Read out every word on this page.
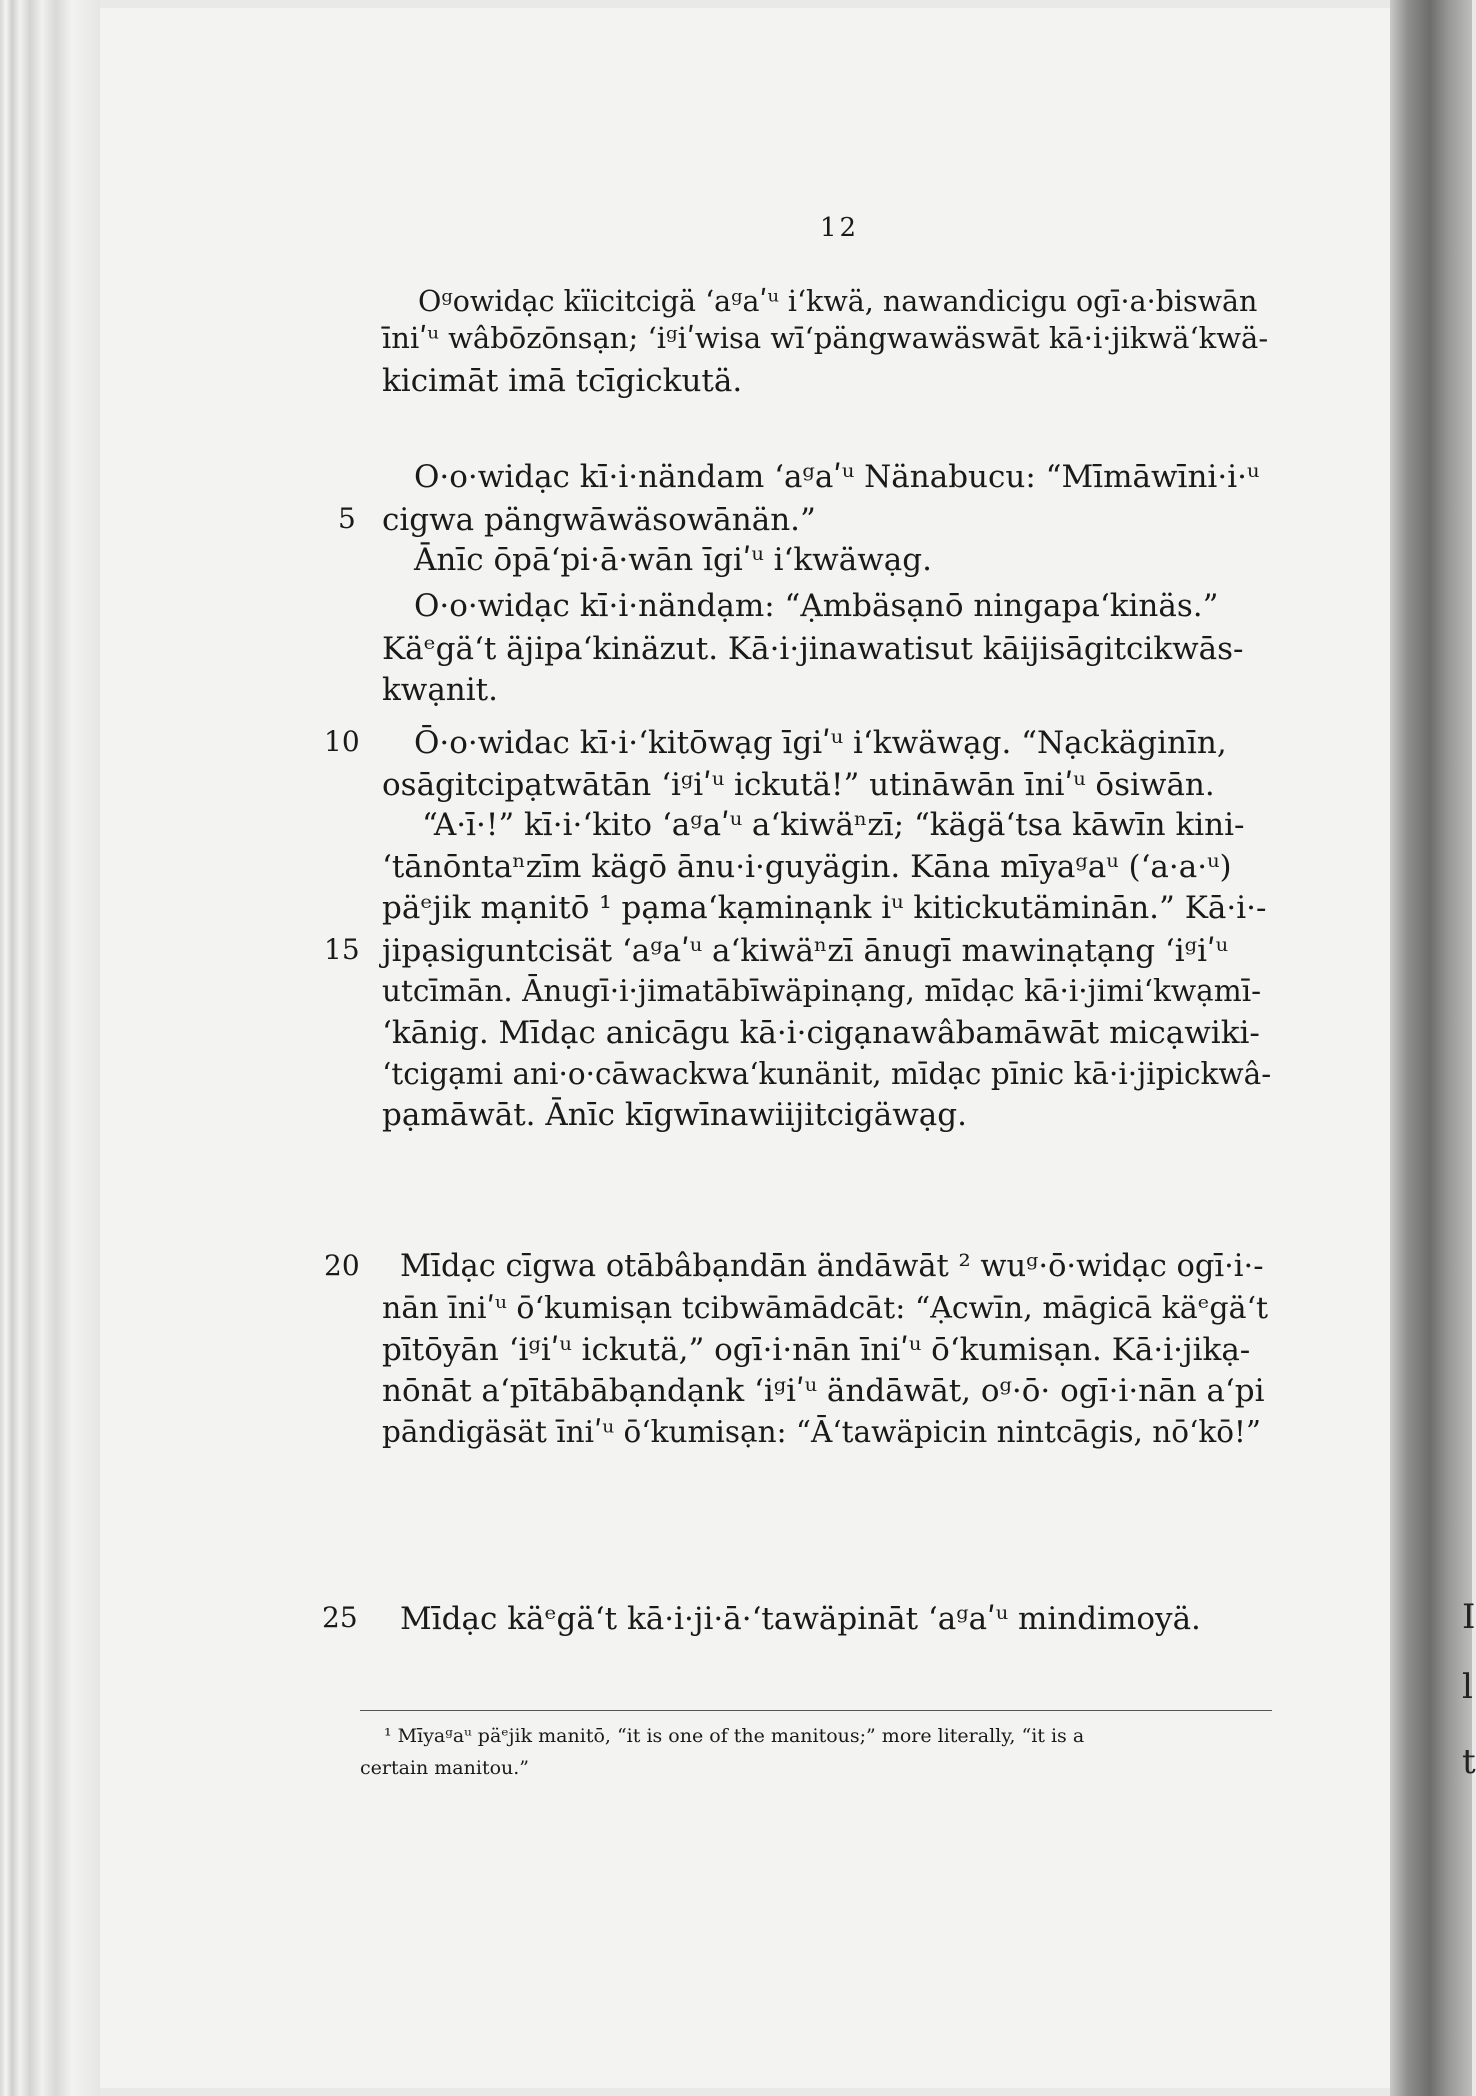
I
l
t
12
Oᵍowidạc kïicitcigä ʻaᵍaʹᵘ iʻkwä, nawandicigu ogī·a·biswān
īniʹᵘ wâbōzōnsạn; ʻiᵍiʹwisa wīʻpängwawäswāt kā·i·jikwäʻkwä-
kicimāt imā tcīgickutä.
O·o·widạc kī·i·nändam ʻaᵍaʹᵘ Nänabucu: “Mīmāwīni·i·ᵘ
5 cigwa pängwāwäsowānän.”
Ānīc ōpāʻpi·ā·wān īgiʹᵘ iʻkwäwạg.
O·o·widạc kī·i·nändạm: “Ạmbäsạnō ningapaʻkinäs.”
Käᵉgäʻt äjipaʻkinäzut. Kā·i·jinawatisut kāijisāgitcikwās-
kwạnit.
10 Ō·o·widac kī·i·ʻkitōwạg īgiʹᵘ iʻkwäwạg. “Nạckäginīn,
osāgitcipạtwātān ʻiᵍiʹᵘ ickutä!” utināwān īniʹᵘ ōsiwān.
“A·ī·!” kī·i·ʻkito ʻaᵍaʹᵘ aʻkiwäⁿzī; “kägäʻtsa kāwīn kini-
ʻtānōntaⁿzīm kägō ānu·i·guyägin. Kāna mīyaᵍaᵘ (ʻa·a·ᵘ)
päᵉjik mạnitō ¹ pạmaʻkạminạnk iᵘ kitickutäminān.” Kā·i·-
15 jipạsiguntcisät ʻaᵍaʹᵘ aʻkiwäⁿzī ānugī mawinạtạng ʻiᵍiʹᵘ
utcīmān. Ānugī·i·jimatābīwäpinạng, mīdạc kā·i·jimiʻkwạmī-
ʻkānig. Mīdạc anicāgu kā·i·cigạnawâbamāwāt micạwiki-
ʻtcigạmi ani·o·cāwackwaʻkunänit, mīdạc pīnic kā·i·jipickwâ-
pạmāwāt. Ānīc kīgwīnawiijitcigäwạg.
20 Mīdạc cīgwa otābâbạndān ändāwāt ² wuᵍ·ō·widạc ogī·i·-
nān īniʹᵘ ōʻkumisạn tcibwāmādcāt: “Ạcwīn, māgicā käᵉgäʻt
pītōyān ʻiᵍiʹᵘ ickutä,” ogī·i·nān īniʹᵘ ōʻkumisạn. Kā·i·jikạ-
nōnāt aʻpītābābạndạnk ʻiᵍiʹᵘ ändāwāt, oᵍ·ō· ogī·i·nān aʻpi
pāndigäsät īniʹᵘ ōʻkumisạn: “Āʻtawäpicin nintcāgis, nōʻkō!”
25 Mīdạc käᵉgäʻt kā·i·ji·ā·ʻtawäpināt ʻaᵍaʹᵘ mindimoyä.
¹ Mīyaᵍaᵘ päᵉjik manitō, “it is one of the manitous;” more literally, “it is a
certain manitou.”
